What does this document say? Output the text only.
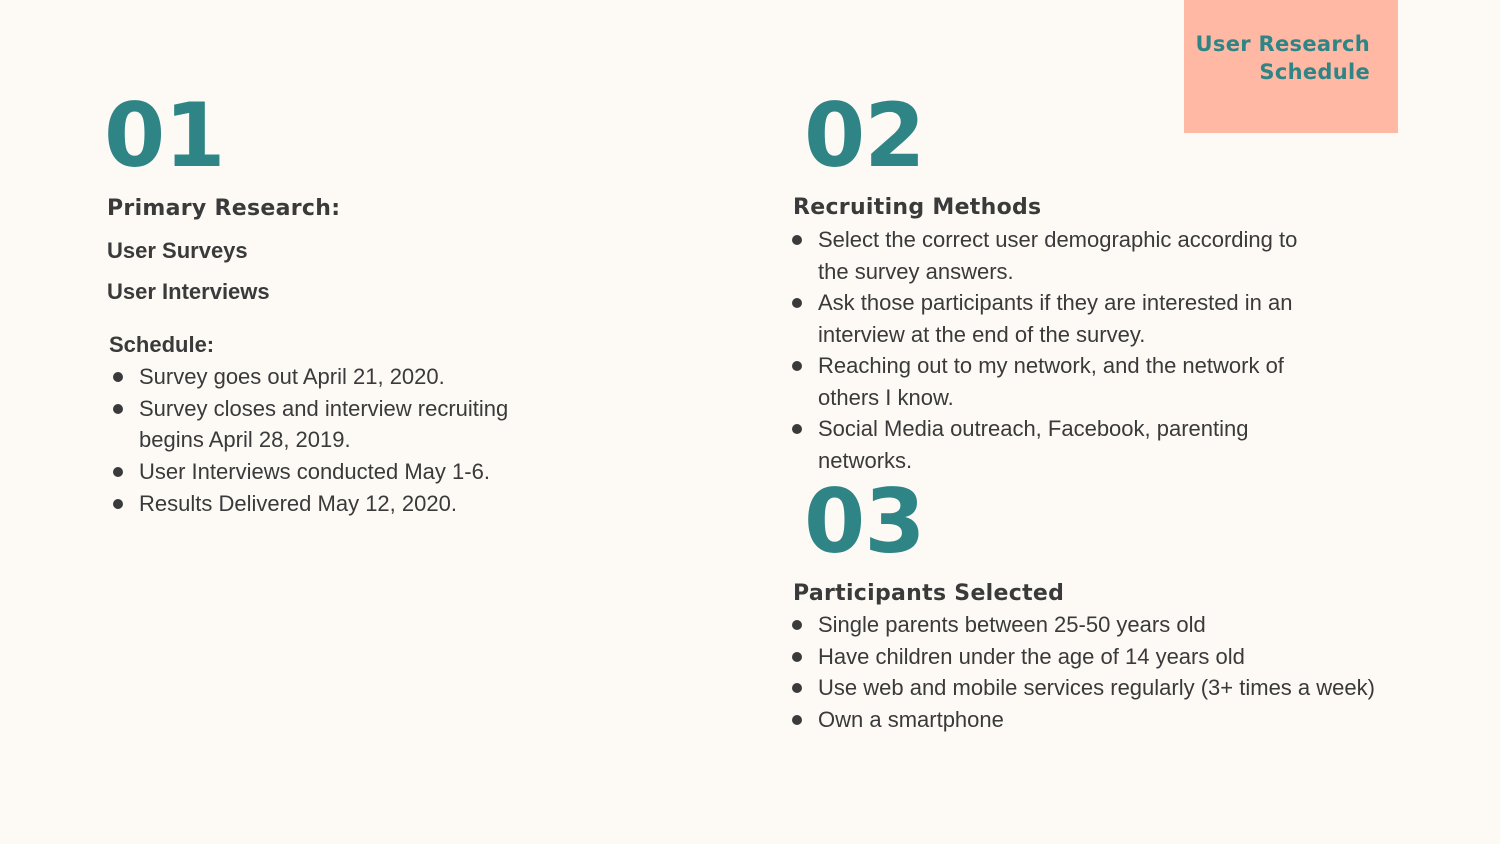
User Research
Schedule
01
Primary Research:
User Surveys
User Interviews
Schedule:
Survey goes out April 21, 2020.
Survey closes and interview recruiting begins April 28, 2019.
User Interviews conducted May 1-6.
Results Delivered May 12, 2020.
02
Recruiting Methods
Select the correct user demographic according to the survey answers.
Ask those participants if they are interested in an interview at the end of the survey.
Reaching out to my network, and the network of others I know.
Social Media outreach, Facebook, parenting networks.
03
Participants Selected
Single parents between 25-50 years old
Have children under the age of 14 years old
Use web and mobile services regularly (3+ times a week)
Own a smartphone
